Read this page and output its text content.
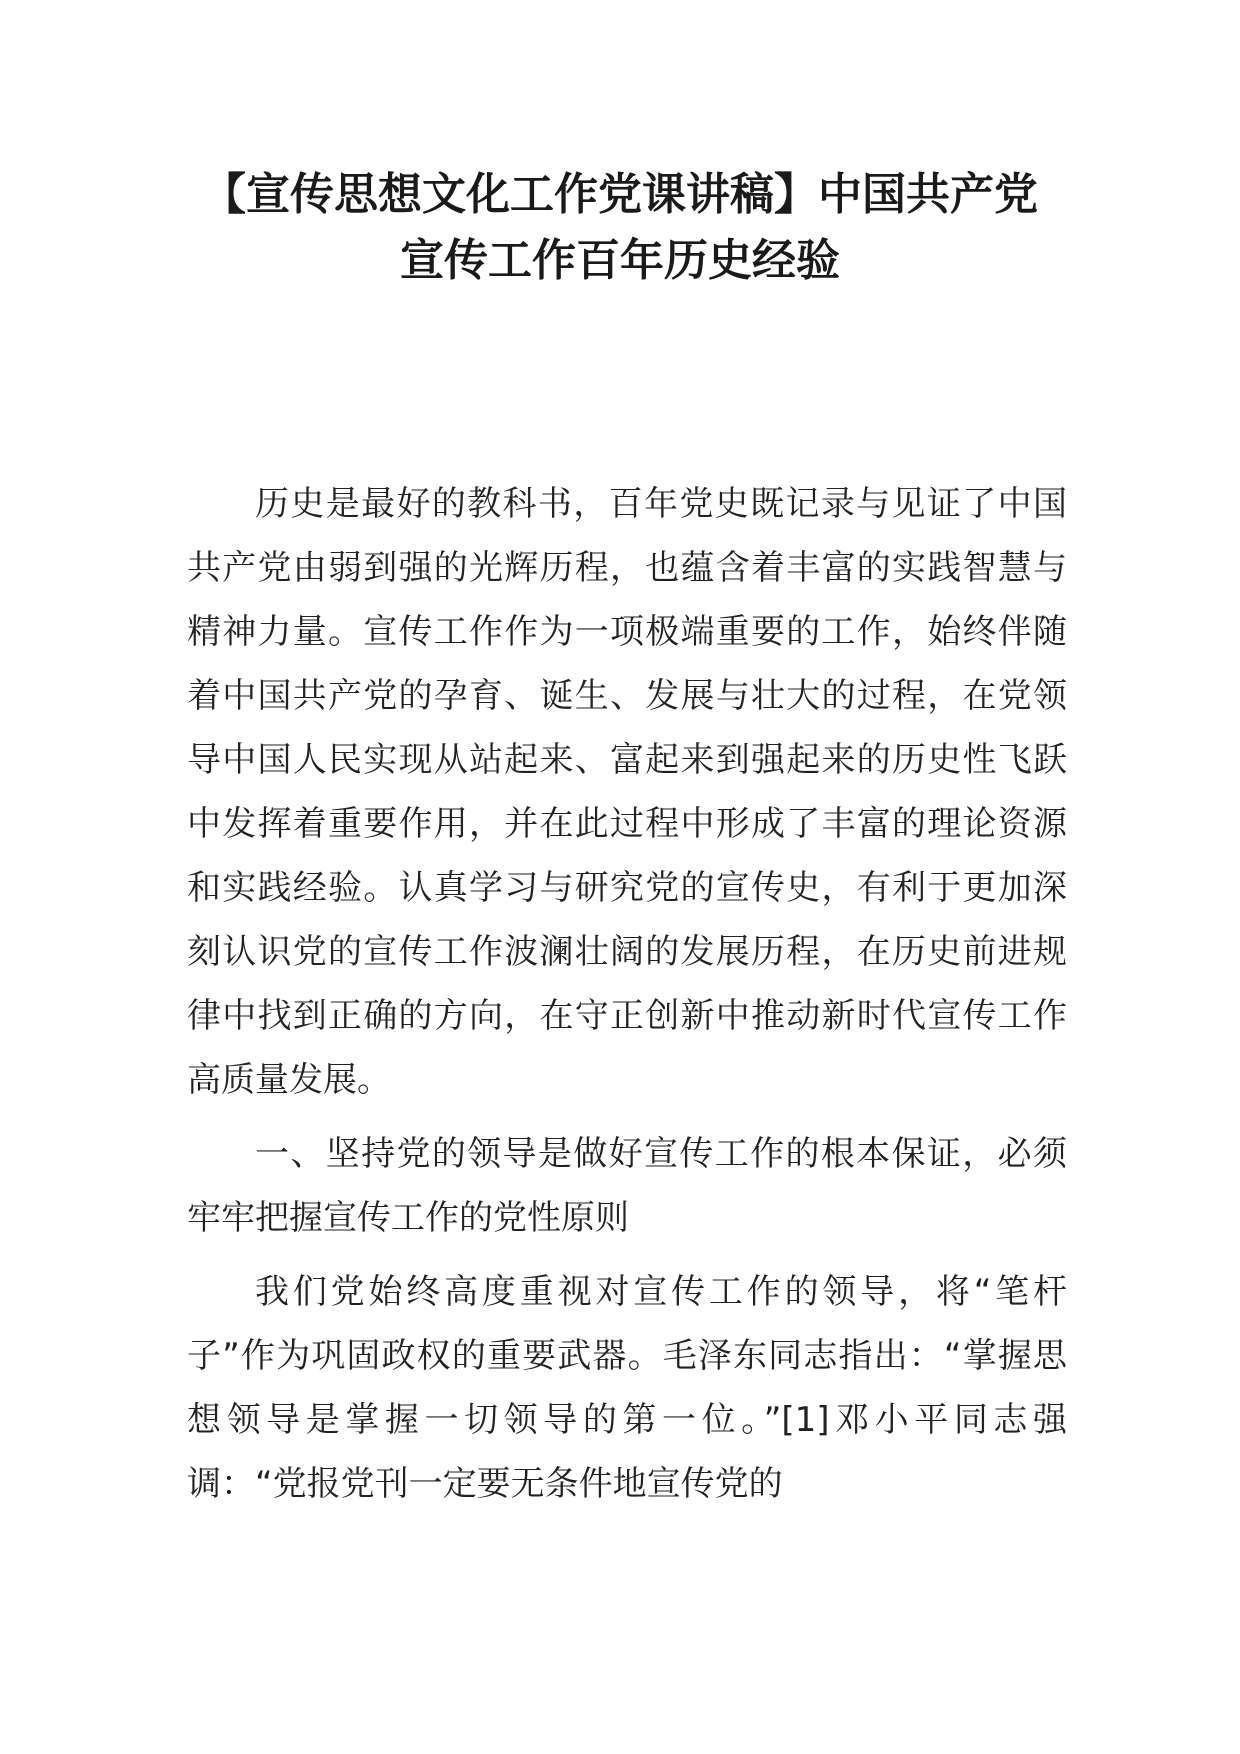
【宣传思想文化工作党课讲稿】中国共产党
宣传工作百年历史经验

历史是最好的教科书，百年党史既记录与见证了中国共产党由弱到强的光辉历程，也蕴含着丰富的实践智慧与精神力量。宣传工作作为一项极端重要的工作，始终伴随着中国共产党的孕育、诞生、发展与壮大的过程，在党领导中国人民实现从站起来、富起来到强起来的历史性飞跃中发挥着重要作用，并在此过程中形成了丰富的理论资源和实践经验。认真学习与研究党的宣传史，有利于更加深刻认识党的宣传工作波澜壮阔的发展历程，在历史前进规律中找到正确的方向，在守正创新中推动新时代宣传工作高质量发展。

一、坚持党的领导是做好宣传工作的根本保证，必须牢牢把握宣传工作的党性原则

我们党始终高度重视对宣传工作的领导，将“笔杆子”作为巩固政权的重要武器。毛泽东同志指出：“掌握思想领导是掌握一切领导的第一位。”[1]邓小平同志强调：“党报党刊一定要无条件地宣传党的
